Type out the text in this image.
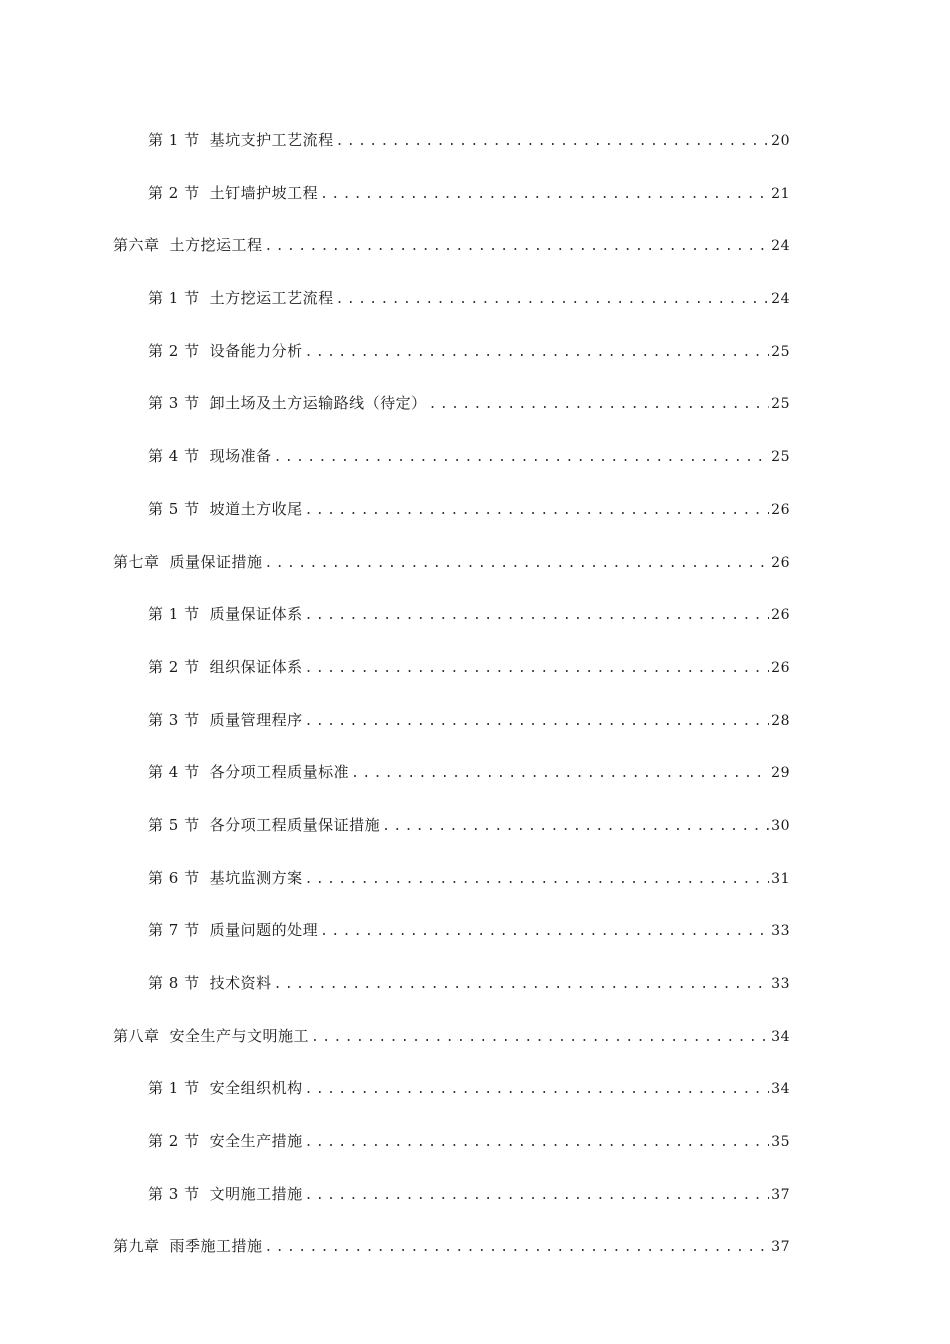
第 1 节 基坑支护工艺流程 .....	20
第 2 节 土钉墙护坡工程 .....	21
第六章 土方挖运工程 .....	24
第 1 节 土方挖运工艺流程 .....	24
第 2 节 设备能力分析 .....	25
第 3 节 卸土场及土方运输路线（待定） .....	25
第 4 节 现场准备 .....	25
第 5 节 坡道土方收尾 .....	26
第七章 质量保证措施 .....	26
第 1 节 质量保证体系 .....	26
第 2 节 组织保证体系 .....	26
第 3 节 质量管理程序 .....	28
第 4 节 各分项工程质量标准 .....	29
第 5 节 各分项工程质量保证措施 .....	30
第 6 节 基坑监测方案 .....	31
第 7 节 质量问题的处理 .....	33
第 8 节 技术资料 .....	33
第八章 安全生产与文明施工 .....	34
第 1 节 安全组织机构 .....	34
第 2 节 安全生产措施 .....	35
第 3 节 文明施工措施 .....	37
第九章 雨季施工措施 .....	37
